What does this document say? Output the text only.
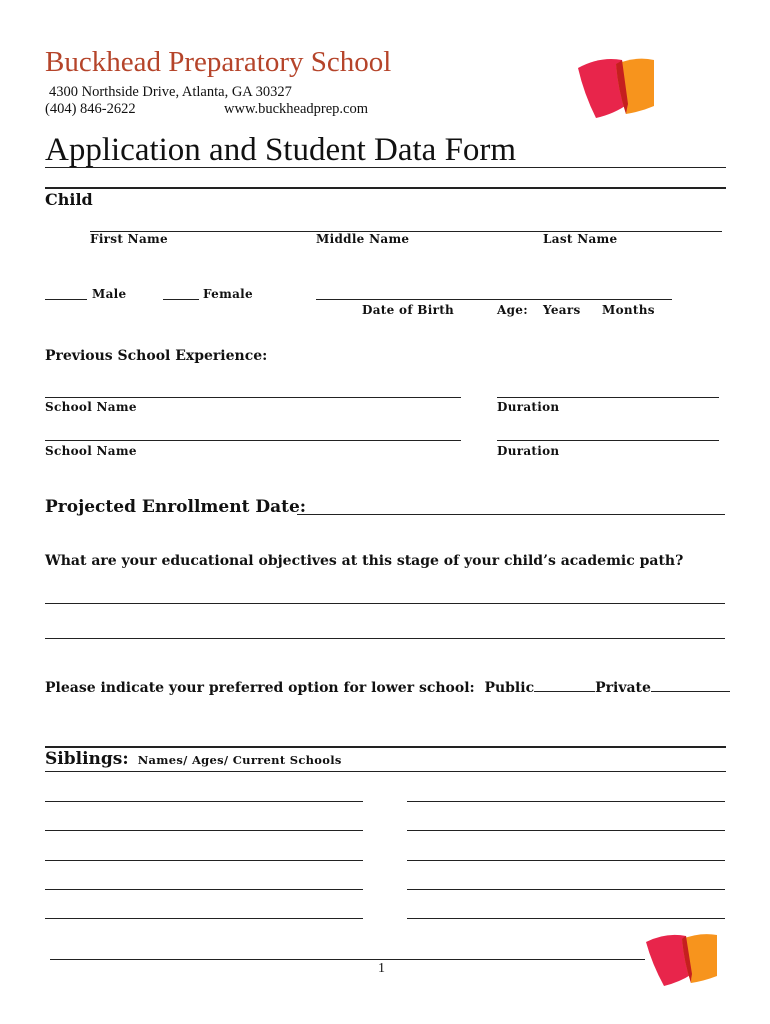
Buckhead Preparatory School
4300 Northside Drive, Atlanta, GA 30327
(404) 846-2622	www.buckheadprep.com
Application and Student Data Form
Child
First Name	Middle Name	Last Name
Male	Female
Date of Birth	Age: Years Months
Previous School Experience:
School Name	Duration
School Name	Duration
Projected Enrollment Date:
What are your educational objectives at this stage of your child’s academic path?
Please indicate your preferred option for lower school: Public	Private
Siblings: Names/ Ages/ Current Schools
1
